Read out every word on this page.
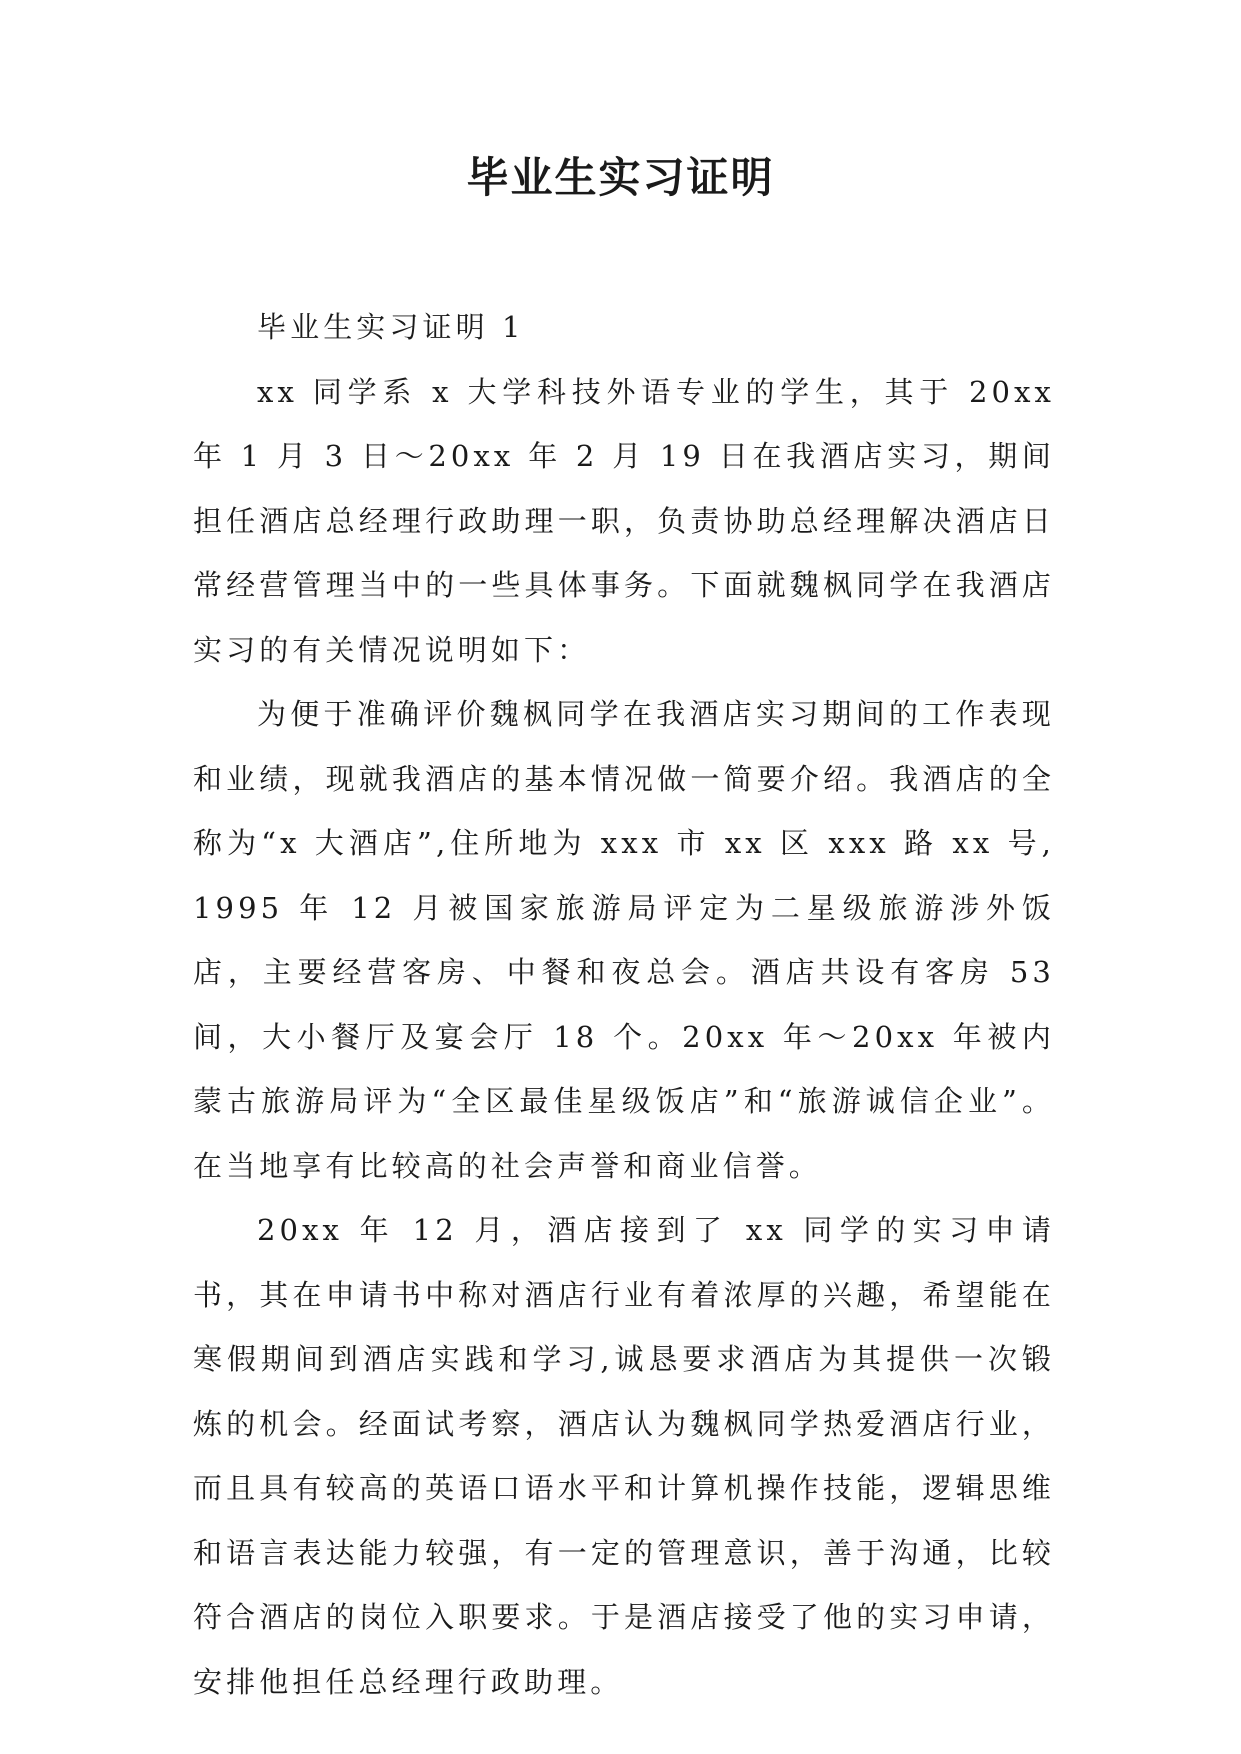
毕业生实习证明

毕业生实习证明 1

xx 同学系 x 大学科技外语专业的学生，其于 20xx 年 1 月 3 日～20xx 年 2 月 19 日在我酒店实习，期间担任酒店总经理行政助理一职，负责协助总经理解决酒店日常经营管理当中的一些具体事务。下面就魏枫同学在我酒店实习的有关情况说明如下：

为便于准确评价魏枫同学在我酒店实习期间的工作表现和业绩，现就我酒店的基本情况做一简要介绍。我酒店的全称为“x 大酒店”,住所地为 xxx 市 xx 区 xxx 路 xx 号,1995 年 12 月被国家旅游局评定为二星级旅游涉外饭店，主要经营客房、中餐和夜总会。酒店共设有客房 53 间，大小餐厅及宴会厅 18 个。20xx 年～20xx 年被内蒙古旅游局评为“全区最佳星级饭店”和“旅游诚信企业”。在当地享有比较高的社会声誉和商业信誉。

20xx 年 12 月，酒店接到了 xx 同学的实习申请书，其在申请书中称对酒店行业有着浓厚的兴趣，希望能在寒假期间到酒店实践和学习,诚恳要求酒店为其提供一次锻炼的机会。经面试考察，酒店认为魏枫同学热爱酒店行业，而且具有较高的英语口语水平和计算机操作技能，逻辑思维和语言表达能力较强，有一定的管理意识，善于沟通，比较符合酒店的岗位入职要求。于是酒店接受了他的实习申请，安排他担任总经理行政助理。
